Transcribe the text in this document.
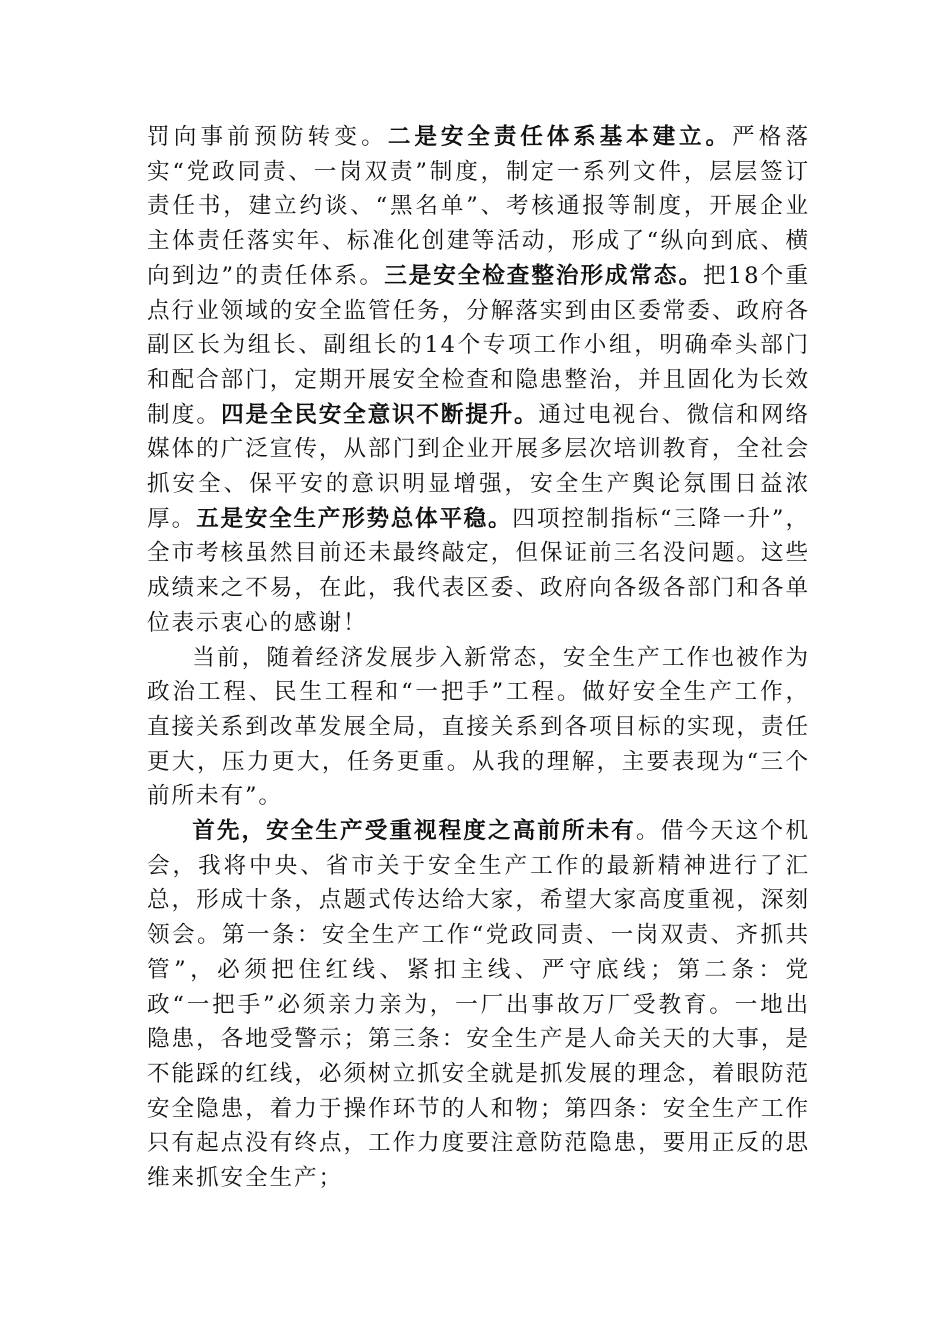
罚向事前预防转变。二是安全责任体系基本建立。严格落实“党政同责、一岗双责”制度，制定一系列文件，层层签订责任书，建立约谈、“黑名单”、考核通报等制度，开展企业主体责任落实年、标准化创建等活动，形成了“纵向到底、横向到边”的责任体系。三是安全检查整治形成常态。把18个重点行业领域的安全监管任务，分解落实到由区委常委、政府各副区长为组长、副组长的14个专项工作小组，明确牵头部门和配合部门，定期开展安全检查和隐患整治，并且固化为长效制度。四是全民安全意识不断提升。通过电视台、微信和网络媒体的广泛宣传，从部门到企业开展多层次培训教育，全社会抓安全、保平安的意识明显增强，安全生产舆论氛围日益浓厚。五是安全生产形势总体平稳。四项控制指标“三降一升”，全市考核虽然目前还未最终敲定，但保证前三名没问题。这些成绩来之不易，在此，我代表区委、政府向各级各部门和各单位表示衷心的感谢！

当前，随着经济发展步入新常态，安全生产工作也被作为政治工程、民生工程和“一把手”工程。做好安全生产工作，直接关系到改革发展全局，直接关系到各项目标的实现，责任更大，压力更大，任务更重。从我的理解，主要表现为“三个前所未有”。

首先，安全生产受重视程度之高前所未有。借今天这个机会，我将中央、省市关于安全生产工作的最新精神进行了汇总，形成十条，点题式传达给大家，希望大家高度重视，深刻领会。第一条：安全生产工作“党政同责、一岗双责、齐抓共管”，必须把住红线、紧扣主线、严守底线；第二条：党政“一把手”必须亲力亲为，一厂出事故万厂受教育。一地出隐患，各地受警示；第三条：安全生产是人命关天的大事，是不能踩的红线，必须树立抓安全就是抓发展的理念，着眼防范安全隐患，着力于操作环节的人和物；第四条：安全生产工作只有起点没有终点，工作力度要注意防范隐患，要用正反的思维来抓安全生产；
